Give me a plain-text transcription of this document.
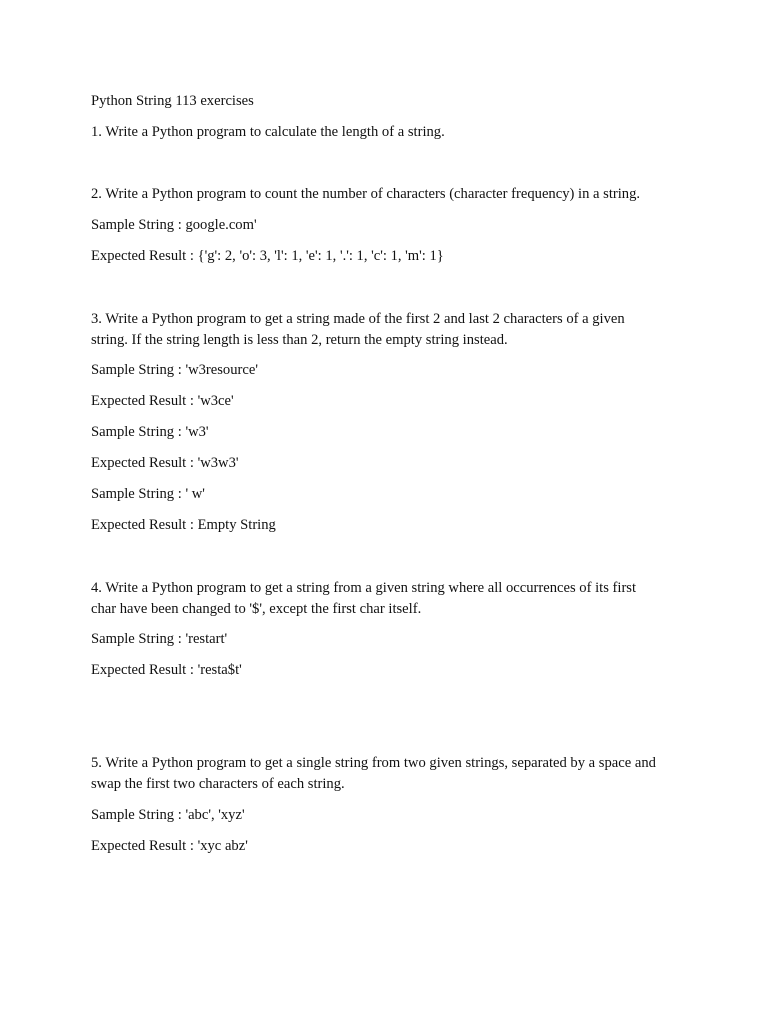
Python String 113 exercises
1. Write a Python program to calculate the length of a string.
2. Write a Python program to count the number of characters (character frequency) in a string.
Sample String : google.com'
Expected Result : {'g': 2, 'o': 3, 'l': 1, 'e': 1, '.': 1, 'c': 1, 'm': 1}
3. Write a Python program to get a string made of the first 2 and last 2 characters of a given
string. If the string length is less than 2, return the empty string instead.
Sample String : 'w3resource'
Expected Result : 'w3ce'
Sample String : 'w3'
Expected Result : 'w3w3'
Sample String : ' w'
Expected Result : Empty String
4. Write a Python program to get a string from a given string where all occurrences of its first
char have been changed to '$', except the first char itself.
Sample String : 'restart'
Expected Result : 'resta$t'
5. Write a Python program to get a single string from two given strings, separated by a space and
swap the first two characters of each string.
Sample String : 'abc', 'xyz'
Expected Result : 'xyc abz'
